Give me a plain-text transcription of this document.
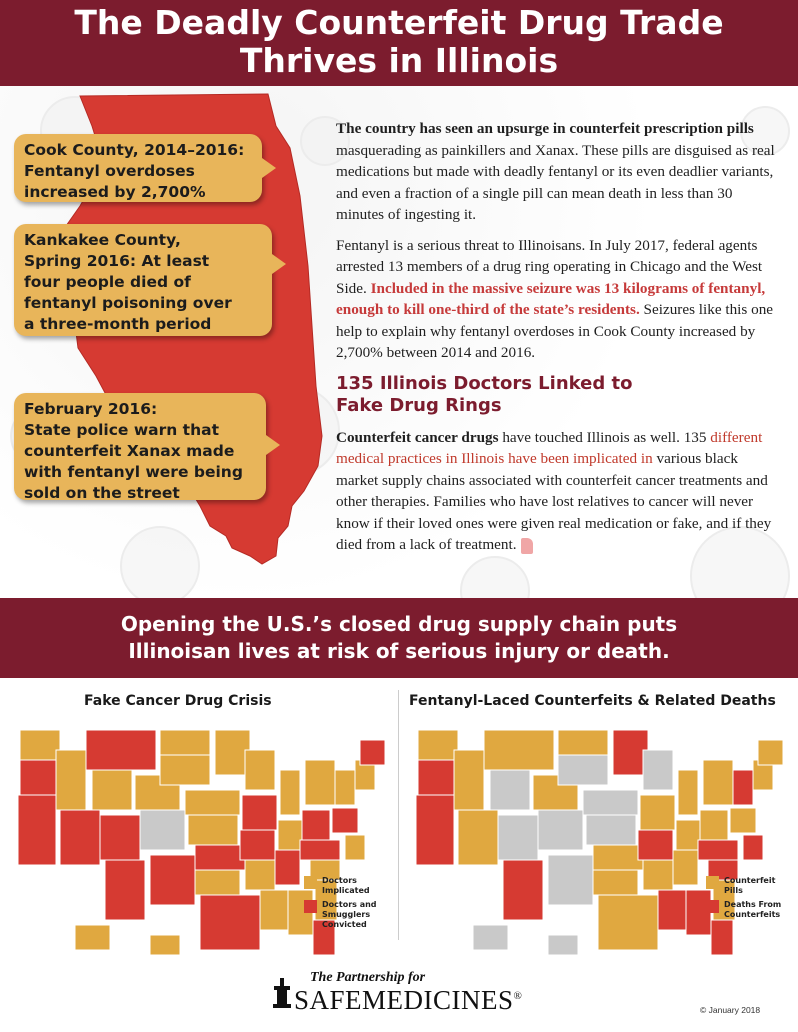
The Deadly Counterfeit Drug Trade
Thrives in Illinois
Cook County, 2014–2016:
Fentanyl overdoses
increased by 2,700%
Kankakee County,
Spring 2016: At least
four people died of
fentanyl poisoning over
a three-month period
February 2016:
State police warn that
counterfeit Xanax made
with fentanyl were being
sold on the street

The country has seen an upsurge in counterfeit prescription pills masquerading as painkillers and Xanax. These pills are disguised as real medications but made with deadly fentanyl or its even deadlier variants, and even a fraction of a single pill can mean death in less than 30 minutes of ingesting it.

Fentanyl is a serious threat to Illinoisans. In July 2017, federal agents arrested 13 members of a drug ring operating in Chicago and the West Side. Included in the massive seizure was 13 kilograms of fentanyl, enough to kill one-third of the state’s residents. Seizures like this one help to explain why fentanyl overdoses in Cook County increased by 2,700% between 2014 and 2016.

135 Illinois Doctors Linked to
Fake Drug Rings

Counterfeit cancer drugs have touched Illinois as well. 135 different medical practices in Illinois have been implicated in various black market supply chains associated with counterfeit cancer treatments and other therapies. Families who have lost relatives to cancer will never know if their loved ones were given real medication or fake, and if they died from a lack of treatment.

Opening the U.S.’s closed drug supply chain puts
Illinoisan lives at risk of serious injury or death.
Fake Cancer Drug Crisis	Fentanyl-Laced Counterfeits & Related Deaths
Doctors
Implicated
Doctors and
Smugglers
Convicted
Counterfeit Pills
Deaths From
Counterfeits
The Partnership for
SAFEMEDICINES®
© January 2018
